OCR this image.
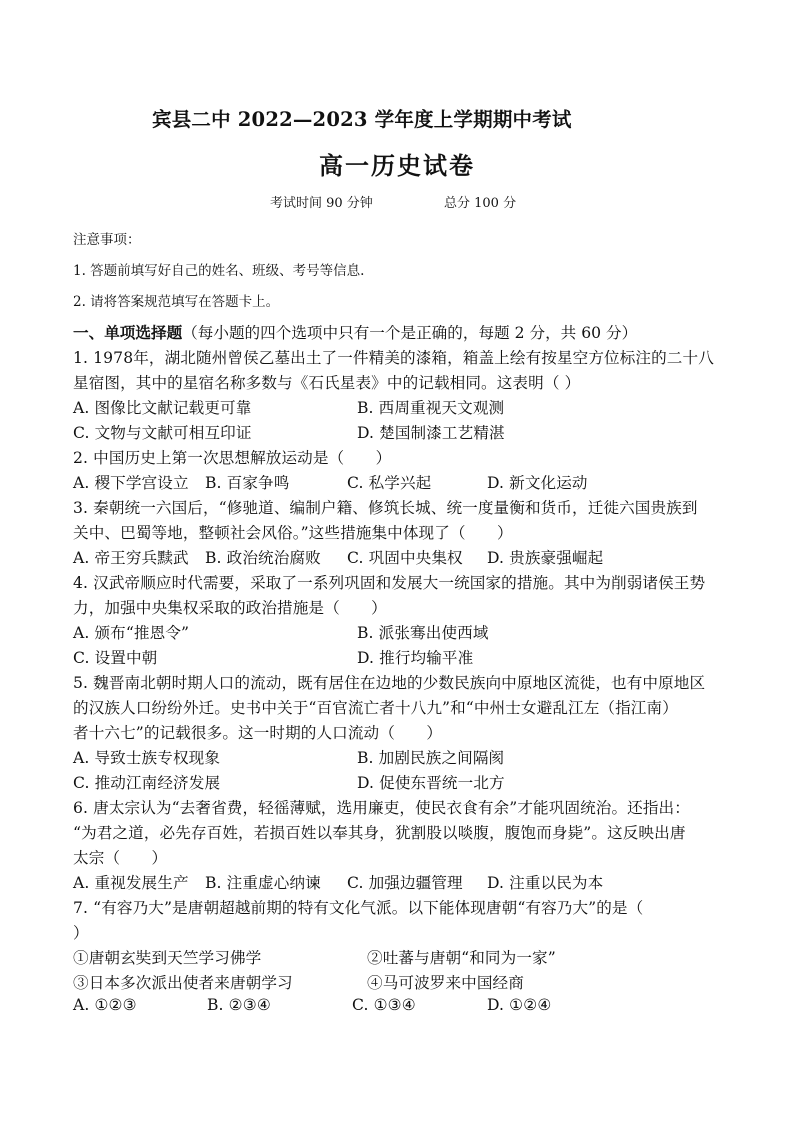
宾县二中 2022—2023 学年度上学期期中考试
高一历史试卷
考试时间 90 分钟	总分 100 分
注意事项：
1. 答题前填写好自己的姓名、班级、考号等信息.
2. 请将答案规范填写在答题卡上。
一、单项选择题（每小题的四个选项中只有一个是正确的，每题 2 分，共 60 分）
1. 1978年，湖北随州曾侯乙墓出土了一件精美的漆箱，箱盖上绘有按星空方位标注的二十八
星宿图，其中的星宿名称多数与《石氏星表》中的记载相同。这表明（ ）
A. 图像比文献记载更可靠	B. 西周重视天文观测
C. 文物与文献可相互印证	D. 楚国制漆工艺精湛
2. 中国历史上第一次思想解放运动是（　　）
A. 稷下学宫设立 B. 百家争鸣	C. 私学兴起	D. 新文化运动
3. 秦朝统一六国后，“修驰道、编制户籍、修筑长城、统一度量衡和货币，迁徙六国贵族到
关中、巴蜀等地，整顿社会风俗。”这些措施集中体现了（　　）
A. 帝王穷兵黩武 B. 政治统治腐败 C. 巩固中央集权 D. 贵族豪强崛起
4. 汉武帝顺应时代需要，采取了一系列巩固和发展大一统国家的措施。其中为削弱诸侯王势
力，加强中央集权采取的政治措施是（　　）
A. 颁布“推恩令”	B. 派张骞出使西域
C. 设置中朝	D. 推行均输平准
5. 魏晋南北朝时期人口的流动，既有居住在边地的少数民族向中原地区流徙，也有中原地区
的汉族人口纷纷外迁。史书中关于“百官流亡者十八九”和“中州士女避乱江左（指江南）
者十六七”的记载很多。这一时期的人口流动（　　）
A. 导致士族专权现象	B. 加剧民族之间隔阂
C. 推动江南经济发展	D. 促使东晋统一北方
6. 唐太宗认为“去奢省费，轻徭薄赋，选用廉吏，使民衣食有余”才能巩固统治。还指出：
“为君之道，必先存百姓，若损百姓以奉其身，犹割股以啖腹，腹饱而身毙”。这反映出唐
太宗（　　）
A. 重视发展生产 B. 注重虚心纳谏 C. 加强边疆管理 D. 注重以民为本
7. “有容乃大”是唐朝超越前期的特有文化气派。以下能体现唐朝“有容乃大”的是（
）
①唐朝玄奘到天竺学习佛学	②吐蕃与唐朝“和同为一家”
③日本多次派出使者来唐朝学习	④马可波罗来中国经商
A. ①②③	B. ②③④	C. ①③④	D. ①②④
